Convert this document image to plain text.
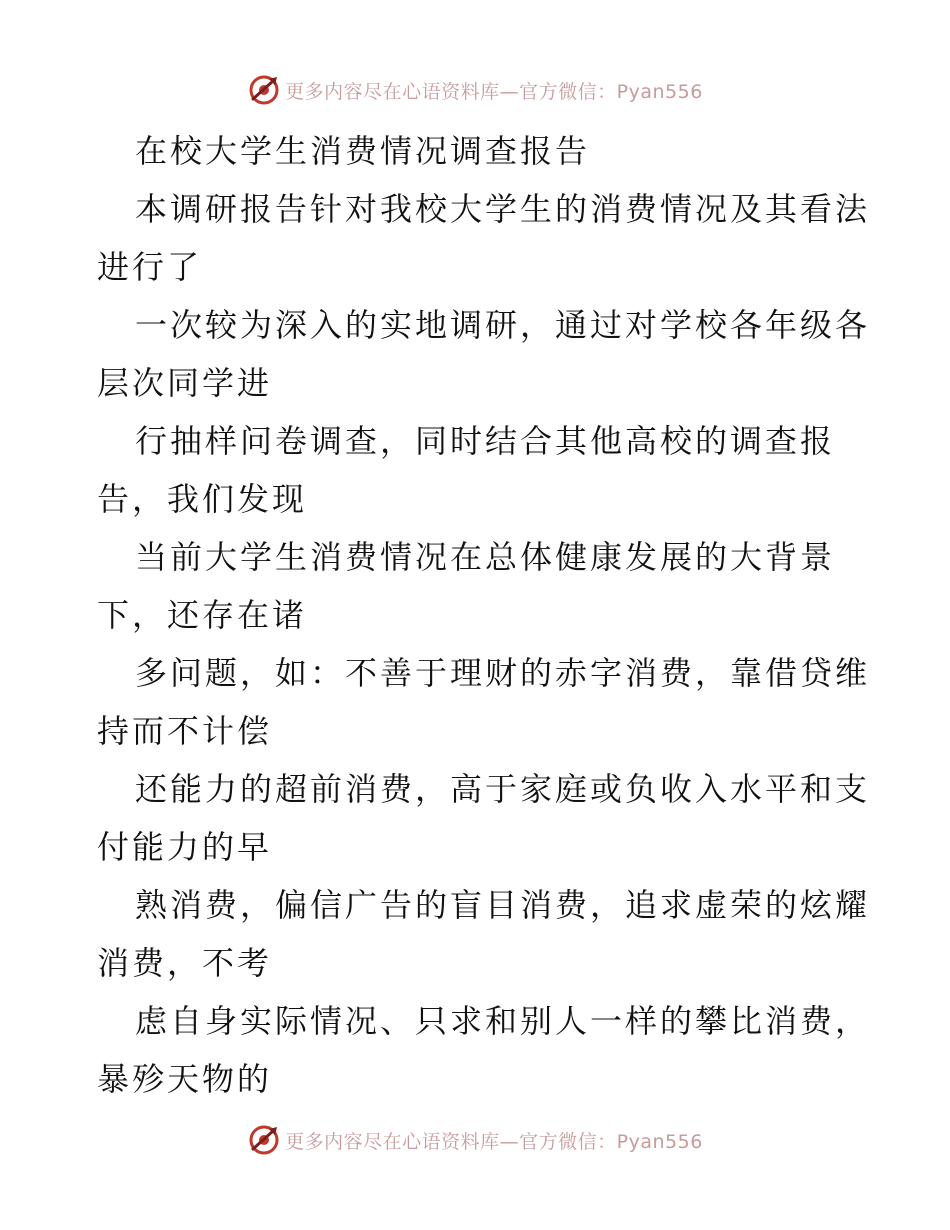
更多内容尽在心语资料库—官方微信：Pyan556
在校大学生消费情况调查报告
本调研报告针对我校大学生的消费情况及其看法
进行了
一次较为深入的实地调研，通过对学校各年级各
层次同学进
行抽样问卷调查，同时结合其他高校的调查报
告，我们发现
当前大学生消费情况在总体健康发展的大背景
下，还存在诸
多问题，如：不善于理财的赤字消费，靠借贷维
持而不计偿
还能力的超前消费，高于家庭或负收入水平和支
付能力的早
熟消费，偏信广告的盲目消费，追求虚荣的炫耀
消费，不考
虑自身实际情况、只求和别人一样的攀比消费，
暴殄天物的
更多内容尽在心语资料库—官方微信：Pyan556
